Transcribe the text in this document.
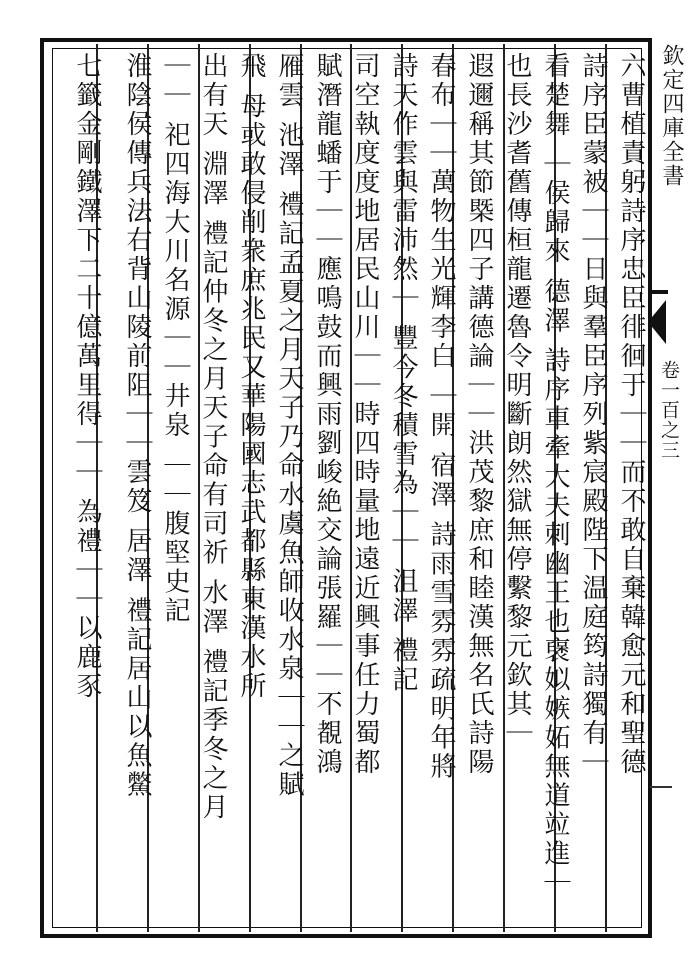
六曹植責躬詩序忠臣徘徊于｜｜而不敢自棄韓愈元和聖德
詩序臣蒙被｜｜日與羣臣序列紫宸殿陛下温庭筠詩獨有｜
看楚舞 ｜侯歸來 德澤 詩序車牽大夫刺幽王也襃姒嫉妬無道竝進｜
也長沙耆舊傳桓龍遷魯令明斷朗然獄無停繫黎元欽其｜
遐邇稱其節槩四子講德論｜｜洪茂黎庶和睦漢無名氏詩陽
春布｜｜萬物生光輝李白 ｜開 宿澤 詩雨雪雰雰疏明年將
詩天作雲與雷沛然｜ 豐今冬積雪為｜｜ 沮澤 禮記
司空執度度地居民山川｜｜時四時量地遠近興事任力蜀都
賦潛龍蟠于｜｜應鳴鼓而興雨劉峻絶交論張羅｜｜不覩鴻
雁雲 池澤 禮記孟夏之月天子乃命水虞魚師收水泉｜｜之賦
飛 母或敢侵削衆庶兆民又華陽國志武都縣東漢水所
出有天 淵澤 禮記仲冬之月天子命有司祈 水澤 禮記季冬之月
｜｜ 祀四海大川名源｜｜井泉 ｜｜腹堅史記
淮陰侯傳兵法右背山陵前阻｜｜雲笈 居澤 禮記居山以魚鱉
七籤金剛鐵澤下二十億萬里得｜｜ 為禮｜｜以鹿豕	欽定四庫全書
卷一百之三
